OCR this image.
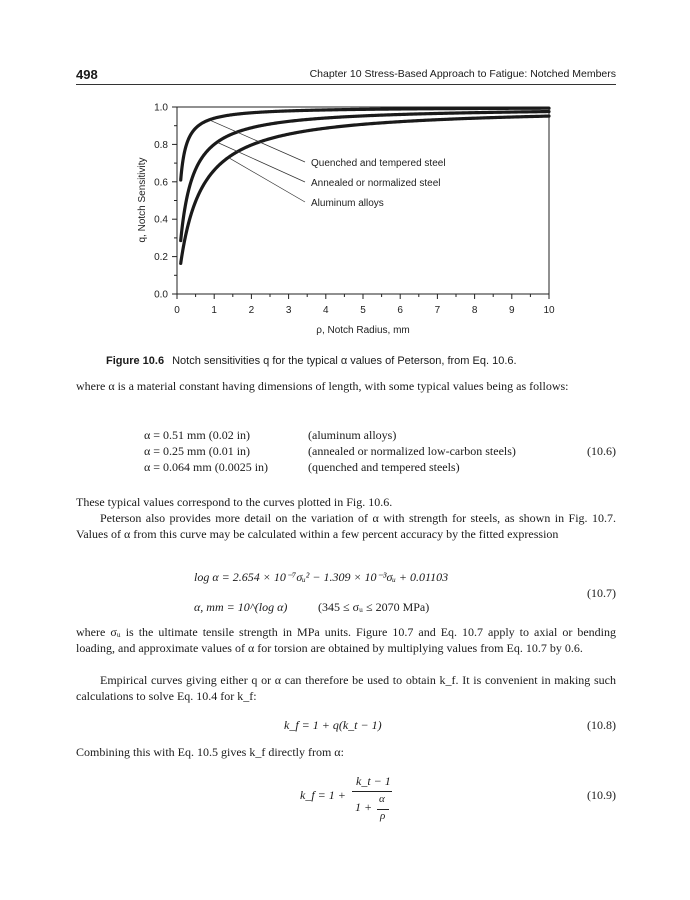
498	Chapter 10 Stress-Based Approach to Fatigue: Notched Members
0	1	2	3	4	5	6	7	8	9	10
0.0
0.2
0.4
0.6
0.8
1.0
Quenched and tempered steel
Annealed or normalized steel
Aluminum alloys
ρ, Notch Radius, mm
q, Notch Sensitivity
Figure 10.6 Notch sensitivities q for the typical α values of Peterson, from Eq. 10.6.
where α is a material constant having dimensions of length, with some typical values being as follows:
α = 0.51 mm (0.02 in)	(aluminum alloys)
α = 0.25 mm (0.01 in)	(annealed or normalized low-carbon steels)	(10.6)
α = 0.064 mm (0.0025 in)	(quenched and tempered steels)
These typical values correspond to the curves plotted in Fig. 10.6.
Peterson also provides more detail on the variation of α with strength for steels, as shown in Fig. 10.7. Values of α from this curve may be calculated within a few percent accuracy by the fitted expression
log α = 2.654 × 10⁻⁷σᵤ² − 1.309 × 10⁻³σᵤ + 0.01103
(10.7)
α, mm = 10^(log α)	(345 ≤ σᵤ ≤ 2070 MPa)
where σᵤ is the ultimate tensile strength in MPa units. Figure 10.7 and Eq. 10.7 apply to axial or bending loading, and approximate values of α for torsion are obtained by multiplying values from Eq. 10.7 by 0.6.
Empirical curves giving either q or α can therefore be used to obtain k_f. It is convenient in making such calculations to solve Eq. 10.4 for k_f:
k_f = 1 + q(k_t − 1)	(10.8)
Combining this with Eq. 10.5 gives k_f directly from α:
k_f = 1 +
k_t − 1
1 +
α
ρ
(10.9)
